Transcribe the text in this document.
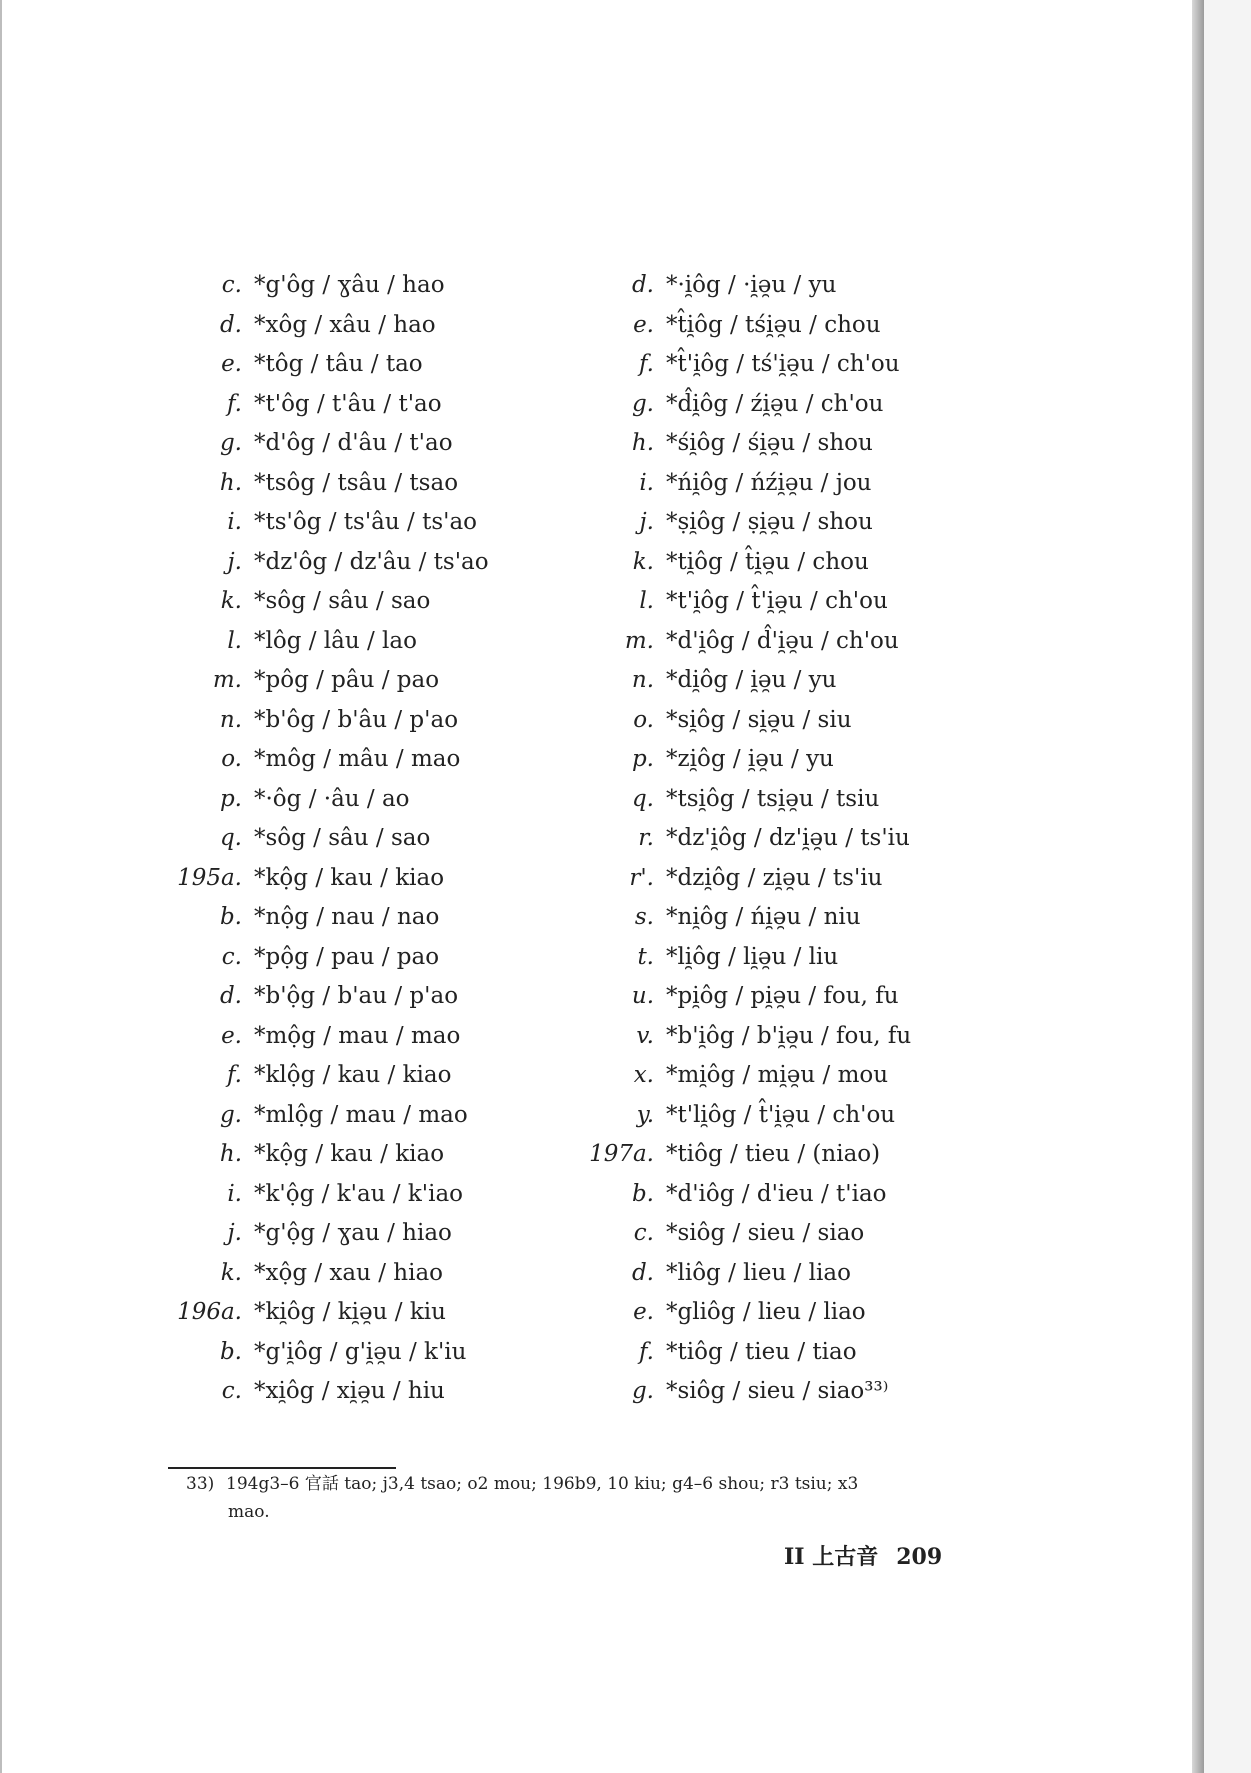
c. *g'ôg / ɣâu / hao
d. *xôg / xâu / hao
e. *tôg / tâu / tao
f. *t'ôg / t'âu / t'ao
g. *d'ôg / d'âu / t'ao
h. *tsôg / tsâu / tsao
i. *ts'ôg / ts'âu / ts'ao
j. *dz'ôg / dz'âu / ts'ao
k. *sôg / sâu / sao
l. *lôg / lâu / lao
m. *pôg / pâu / pao
n. *b'ôg / b'âu / p'ao
o. *môg / mâu / mao
p. *·ôg / ·âu / ao
q. *sôg / sâu / sao
195a. *kộg / kau / kiao
b. *nộg / nau / nao
c. *pộg / pau / pao
d. *b'ộg / b'au / p'ao
e. *mộg / mau / mao
f. *klộg / kau / kiao
g. *mlộg / mau / mao
h. *kộg / kau / kiao
i. *k'ộg / k'au / k'iao
j. *g'ộg / ɣau / hiao
k. *xộg / xau / hiao
196a. *ki̯ôg / ki̯ə̯u / kiu
b. *g'i̯ôg / g'i̯ə̯u / k'iu
c. *xi̯ôg / xi̯ə̯u / hiu
d. *·i̯ôg / ·i̯ə̯u / yu
e. *t̂i̯ôg / tśi̯ə̯u / chou
f. *t̂'i̯ôg / tś'i̯ə̯u / ch'ou
g. *d̂i̯ôg / źi̯ə̯u / ch'ou
h. *śi̯ôg / śi̯ə̯u / shou
i. *ńi̯ôg / ńźi̯ə̯u / jou
j. *ṣi̯ôg / ṣi̯ə̯u / shou
k. *ti̯ôg / t̂i̯ə̯u / chou
l. *t'i̯ôg / t̂'i̯ə̯u / ch'ou
m. *d'i̯ôg / d̂'i̯ə̯u / ch'ou
n. *di̯ôg / i̯ə̯u / yu
o. *si̯ôg / si̯ə̯u / siu
p. *zi̯ôg / i̯ə̯u / yu
q. *tsi̯ôg / tsi̯ə̯u / tsiu
r. *dz'i̯ôg / dz'i̯ə̯u / ts'iu
r'. *dzi̯ôg / zi̯ə̯u / ts'iu
s. *ni̯ôg / ńi̯ə̯u / niu
t. *li̯ôg / li̯ə̯u / liu
u. *pi̯ôg / pi̯ə̯u / fou, fu
v. *b'i̯ôg / b'i̯ə̯u / fou, fu
x. *mi̯ôg / mi̯ə̯u / mou
y. *t'li̯ôg / t̂'i̯ə̯u / ch'ou
197a. *tiôg / tieu / (niao)
b. *d'iôg / d'ieu / t'iao
c. *siôg / sieu / siao
d. *liôg / lieu / liao
e. *gliôg / lieu / liao
f. *tiôg / tieu / tiao
g. *siôg / sieu / siao³³⁾
33) 194g3–6 官話 tao; j3,4 tsao; o2 mou; 196b9, 10 kiu; g4–6 shou; r3 tsiu; x3
mao.
II 上古音 209
